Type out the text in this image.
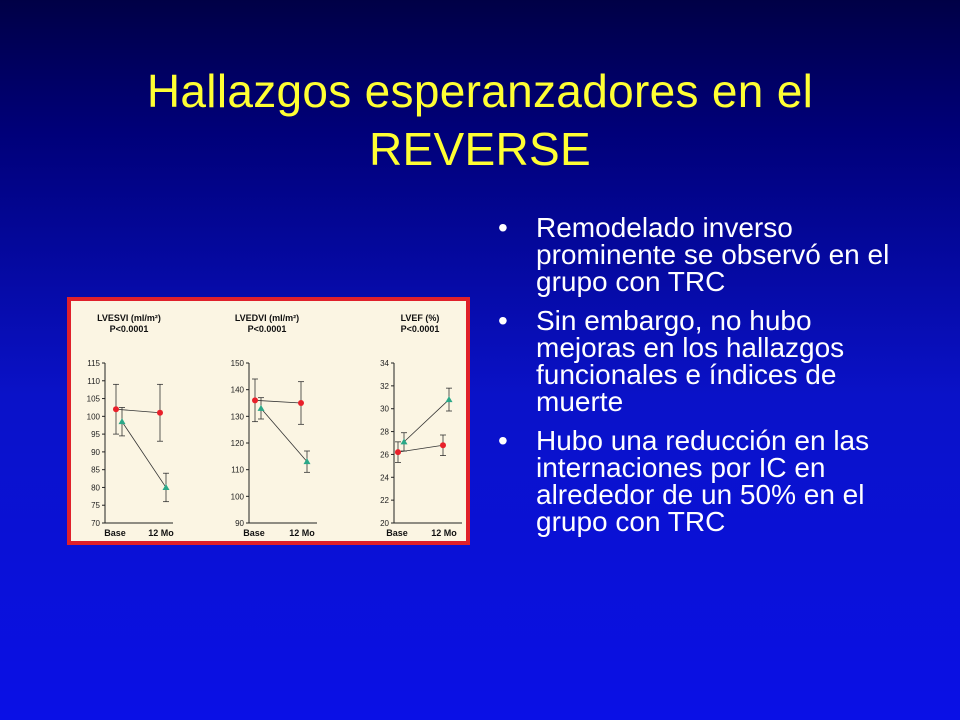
Hallazgos esperanzadores en el
REVERSE
LVESVI (ml/m²)
P<0.0001
115
110
105
100
95
90
85
80
75
70
Base 12 Mo
LVEDVI (ml/m²)
P<0.0001
150
140
130
120
110
100
90
Base	12 Mo
LVEF (%)
P<0.0001
34
32
30
28
26
24
22
20
Base	12 Mo
• Remodelado inverso prominente se observó en el grupo con TRC
• Sin embargo, no hubo mejoras en los hallazgos funcionales e índices de muerte
• Hubo una reducción en las internaciones por IC en alrededor de un 50% en el grupo con TRC
